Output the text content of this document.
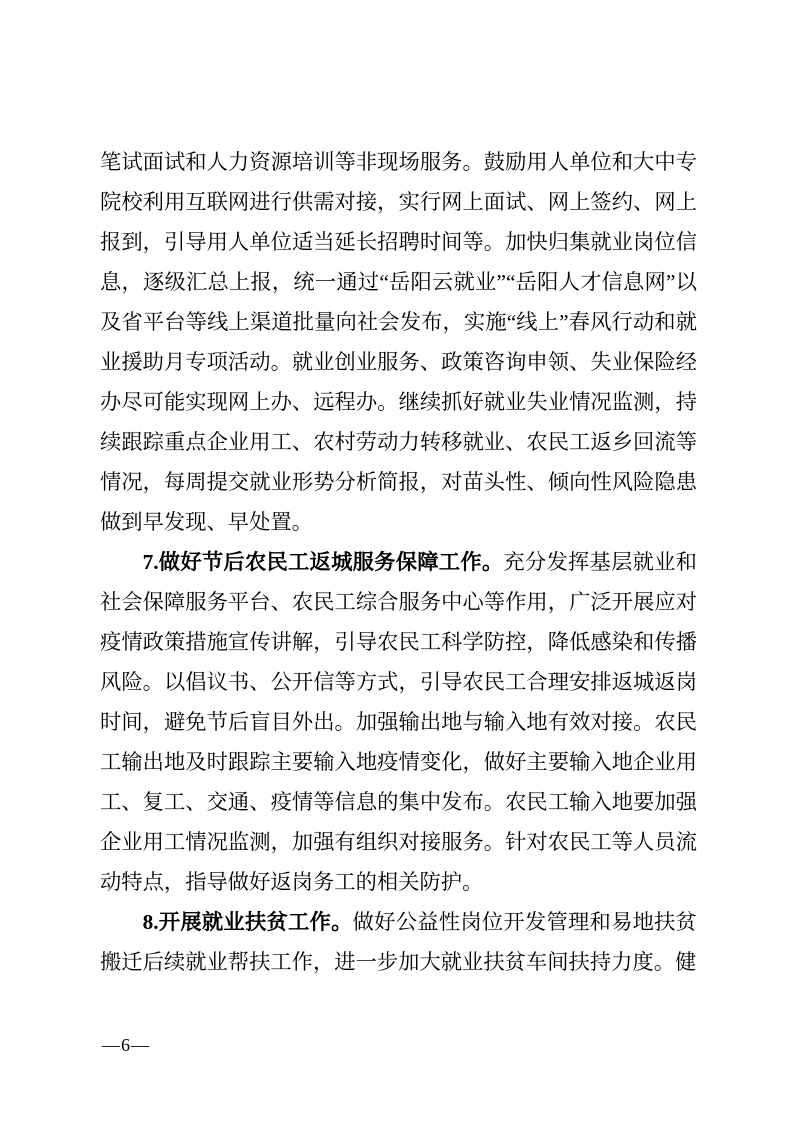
笔试面试和人力资源培训等非现场服务。鼓励用人单位和大中专院校利用互联网进行供需对接，实行网上面试、网上签约、网上报到，引导用人单位适当延长招聘时间等。加快归集就业岗位信息，逐级汇总上报，统一通过“岳阳云就业”“岳阳人才信息网”以及省平台等线上渠道批量向社会发布，实施“线上”春风行动和就业援助月专项活动。就业创业服务、政策咨询申领、失业保险经办尽可能实现网上办、远程办。继续抓好就业失业情况监测，持续跟踪重点企业用工、农村劳动力转移就业、农民工返乡回流等情况，每周提交就业形势分析简报，对苗头性、倾向性风险隐患做到早发现、早处置。

7.做好节后农民工返城服务保障工作。充分发挥基层就业和社会保障服务平台、农民工综合服务中心等作用，广泛开展应对疫情政策措施宣传讲解，引导农民工科学防控，降低感染和传播风险。以倡议书、公开信等方式，引导农民工合理安排返城返岗时间，避免节后盲目外出。加强输出地与输入地有效对接。农民工输出地及时跟踪主要输入地疫情变化，做好主要输入地企业用工、复工、交通、疫情等信息的集中发布。农民工输入地要加强企业用工情况监测，加强有组织对接服务。针对农民工等人员流动特点，指导做好返岗务工的相关防护。

8.开展就业扶贫工作。做好公益性岗位开发管理和易地扶贫搬迁后续就业帮扶工作，进一步加大就业扶贫车间扶持力度。健

—6—
